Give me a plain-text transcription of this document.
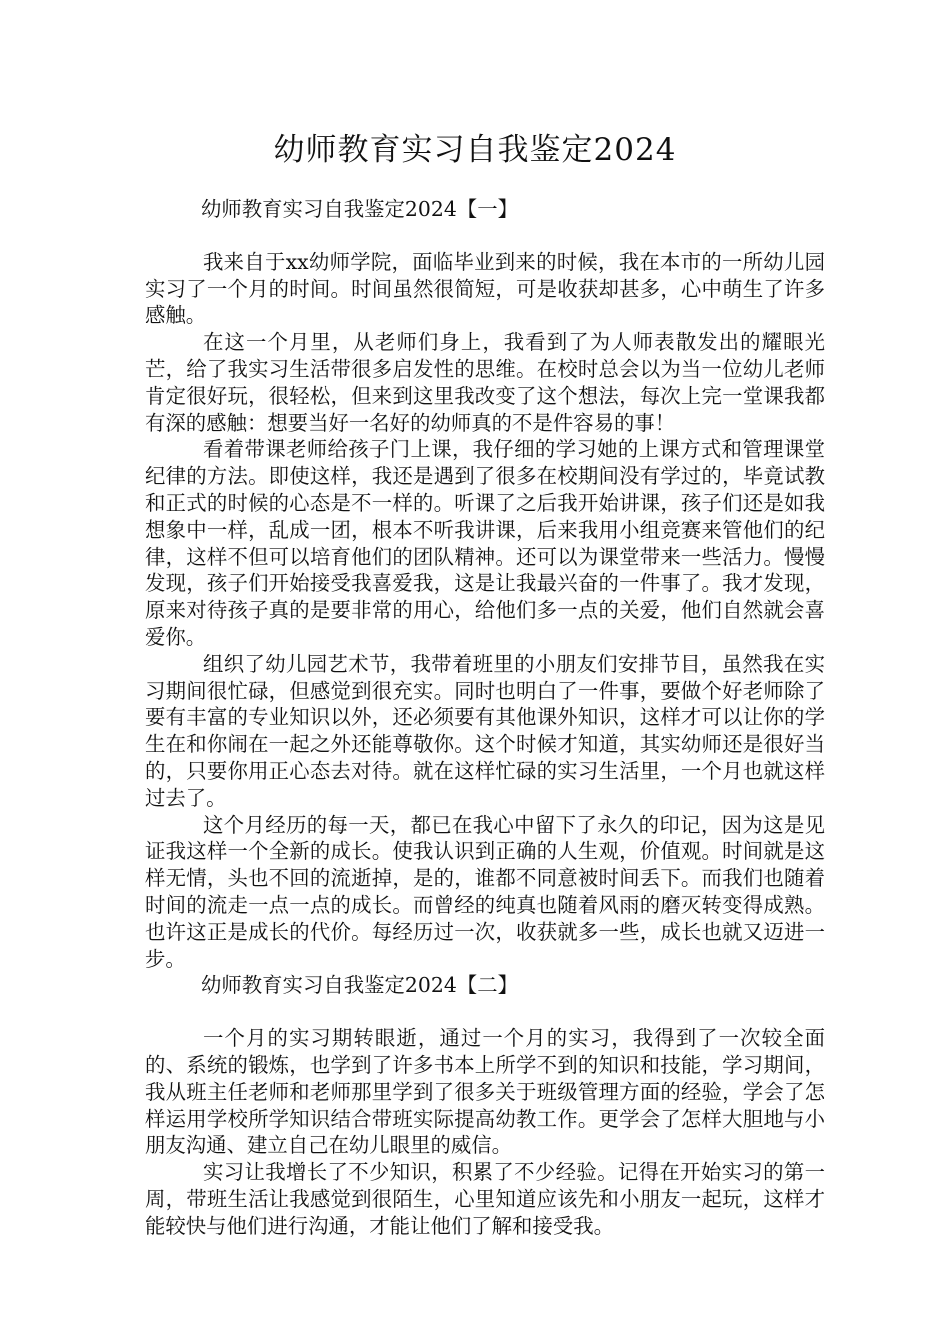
幼师教育实习自我鉴定2024

幼师教育实习自我鉴定2024【一】

我来自于xx幼师学院，面临毕业到来的时候，我在本市的一所幼儿园实习了一个月的时间。时间虽然很简短，可是收获却甚多，心中萌生了许多感触。

在这一个月里，从老师们身上，我看到了为人师表散发出的耀眼光芒，给了我实习生活带很多启发性的思维。在校时总会以为当一位幼儿老师肯定很好玩，很轻松，但来到这里我改变了这个想法，每次上完一堂课我都有深的感触：想要当好一名好的幼师真的不是件容易的事！

看着带课老师给孩子门上课，我仔细的学习她的上课方式和管理课堂纪律的方法。即使这样，我还是遇到了很多在校期间没有学过的，毕竟试教和正式的时候的心态是不一样的。听课了之后我开始讲课，孩子们还是如我想象中一样，乱成一团，根本不听我讲课，后来我用小组竞赛来管他们的纪律，这样不但可以培育他们的团队精神。还可以为课堂带来一些活力。慢慢发现，孩子们开始接受我喜爱我，这是让我最兴奋的一件事了。我才发现，原来对待孩子真的是要非常的用心，给他们多一点的关爱，他们自然就会喜爱你。

组织了幼儿园艺术节，我带着班里的小朋友们安排节目，虽然我在实习期间很忙碌，但感觉到很充实。同时也明白了一件事，要做个好老师除了要有丰富的专业知识以外，还必须要有其他课外知识，这样才可以让你的学生在和你闹在一起之外还能尊敬你。这个时候才知道，其实幼师还是很好当的，只要你用正心态去对待。就在这样忙碌的实习生活里，一个月也就这样过去了。

这个月经历的每一天，都已在我心中留下了永久的印记，因为这是见证我这样一个全新的成长。使我认识到正确的人生观，价值观。时间就是这样无情，头也不回的流逝掉，是的，谁都不同意被时间丢下。而我们也随着时间的流走一点一点的成长。而曾经的纯真也随着风雨的磨灭转变得成熟。也许这正是成长的代价。每经历过一次，收获就多一些，成长也就又迈进一步。

幼师教育实习自我鉴定2024【二】

一个月的实习期转眼逝，通过一个月的实习，我得到了一次较全面的、系统的锻炼，也学到了许多书本上所学不到的知识和技能，学习期间，我从班主任老师和老师那里学到了很多关于班级管理方面的经验，学会了怎样运用学校所学知识结合带班实际提高幼教工作。更学会了怎样大胆地与小朋友沟通、建立自己在幼儿眼里的威信。

实习让我增长了不少知识，积累了不少经验。记得在开始实习的第一周，带班生活让我感觉到很陌生，心里知道应该先和小朋友一起玩，这样才能较快与他们进行沟通，才能让他们了解和接受我。
